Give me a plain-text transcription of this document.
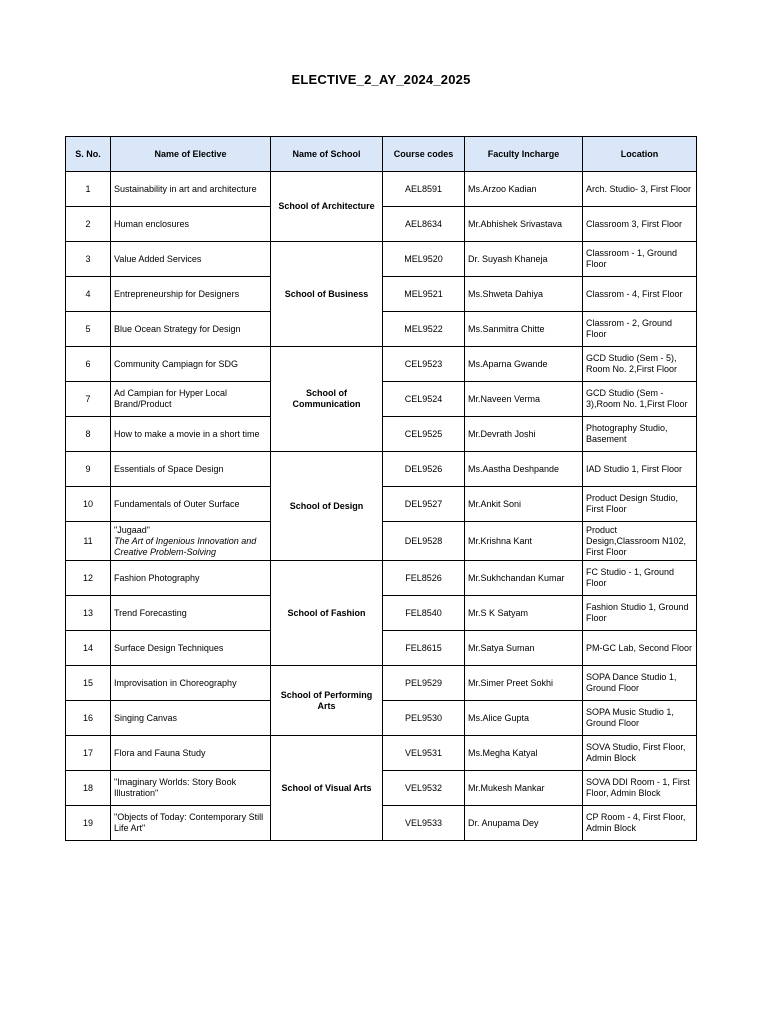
ELECTIVE_2_AY_2024_2025
S. No.	Name of Elective	Name of School	Course codes	Faculty Incharge	Location
1	Sustainability in art and architecture	School of Architecture	AEL8591	Ms.Arzoo Kadian	Arch. Studio- 3, First Floor
2	Human enclosures		AEL8634	Mr.Abhishek Srivastava	Classroom 3, First Floor
3	Value Added Services	School of Business	MEL9520	Dr. Suyash Khaneja	Classroom - 1, Ground Floor
4	Entrepreneurship for Designers		MEL9521	Ms.Shweta Dahiya	Classrom - 4, First Floor
5	Blue Ocean Strategy for Design		MEL9522	Ms.Sanmitra Chitte	Classrom - 2, Ground Floor
6	Community Campiagn for SDG	School of Communication	CEL9523	Ms.Aparna Gwande	GCD Studio (Sem - 5), Room No. 2,First Floor
7	Ad Campian for Hyper Local Brand/Product		CEL9524	Mr.Naveen Verma	GCD Studio (Sem - 3),Room No. 1,First Floor
8	How to make a movie in a short time		CEL9525	Mr.Devrath Joshi	Photography Studio, Basement
9	Essentials of Space Design	School of Design	DEL9526	Ms.Aastha Deshpande	IAD Studio 1, First Floor
10	Fundamentals of Outer Surface		DEL9527	Mr.Ankit Soni	Product Design Studio, First Floor
11	"Jugaad"
The Art of Ingenious Innovation and Creative Problem-Solving		DEL9528	Mr.Krishna Kant	Product Design,Classroom N102, First Floor
12	Fashion Photography	School of Fashion	FEL8526	Mr.Sukhchandan Kumar	FC Studio - 1, Ground Floor
13	Trend Forecasting		FEL8540	Mr.S K Satyam	Fashion Studio 1, Ground Floor
14	Surface Design Techniques		FEL8615	Mr.Satya Suman	PM-GC Lab, Second Floor
15	Improvisation in Choreography	School of Performing Arts	PEL9529	Mr.Simer Preet Sokhi	SOPA Dance Studio 1, Ground Floor
16	Singing Canvas		PEL9530	Ms.Alice Gupta	SOPA Music Studio 1, Ground Floor
17	Flora and Fauna Study	School of Visual Arts	VEL9531	Ms.Megha Katyal	SOVA Studio, First Floor, Admin Block
18	"Imaginary Worlds: Story Book Illustration"		VEL9532	Mr.Mukesh Mankar	SOVA DDI Room - 1, First Floor, Admin Block
19	"Objects of Today: Contemporary Still Life Art"		VEL9533	Dr. Anupama Dey	CP Room - 4, First Floor, Admin Block
